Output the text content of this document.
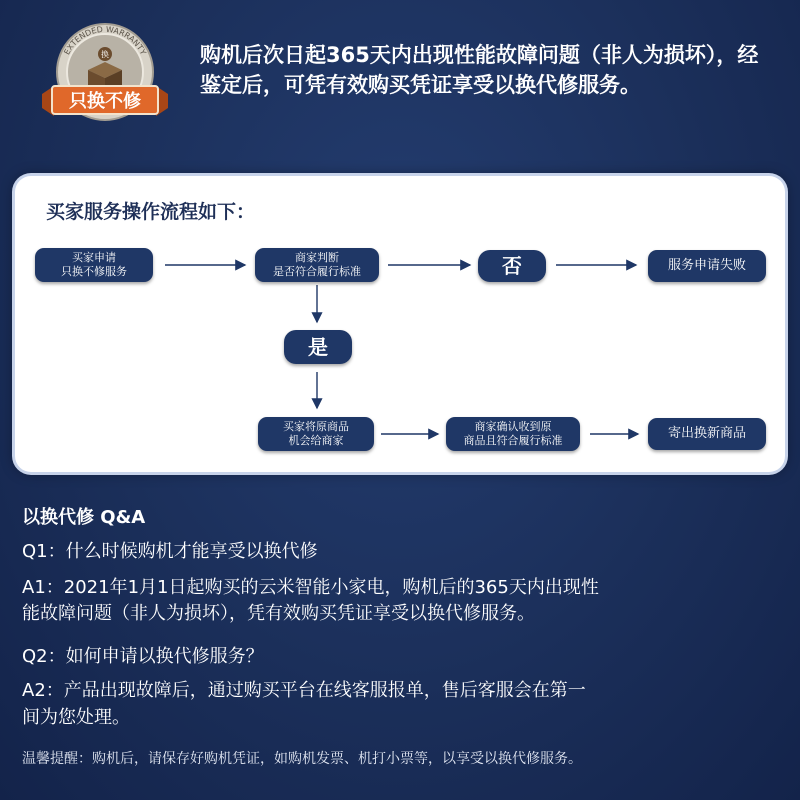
EXTENDED WARRANTY
换
只换不修
购机后次日起365天内出现性能故障问题（非人为损坏），经鉴定后，可凭有效购买凭证享受以换代修服务。
买家服务操作流程如下：
买家申请
只换不修服务
商家判断
是否符合履行标准	否	服务申请失败
是
买家将原商品
机会给商家
商家确认收到原
商品且符合履行标准	寄出换新商品
以换代修 Q&A
Q1：什么时候购机才能享受以换代修
A1：2021年1月1日起购买的云米智能小家电，购机后的365天内出现性
能故障问题（非人为损坏），凭有效购买凭证享受以换代修服务。
Q2：如何申请以换代修服务？
A2：产品出现故障后，通过购买平台在线客服报单，售后客服会在第一
间为您处理。
温馨提醒：购机后，请保存好购机凭证，如购机发票、机打小票等，以享受以换代修服务。
